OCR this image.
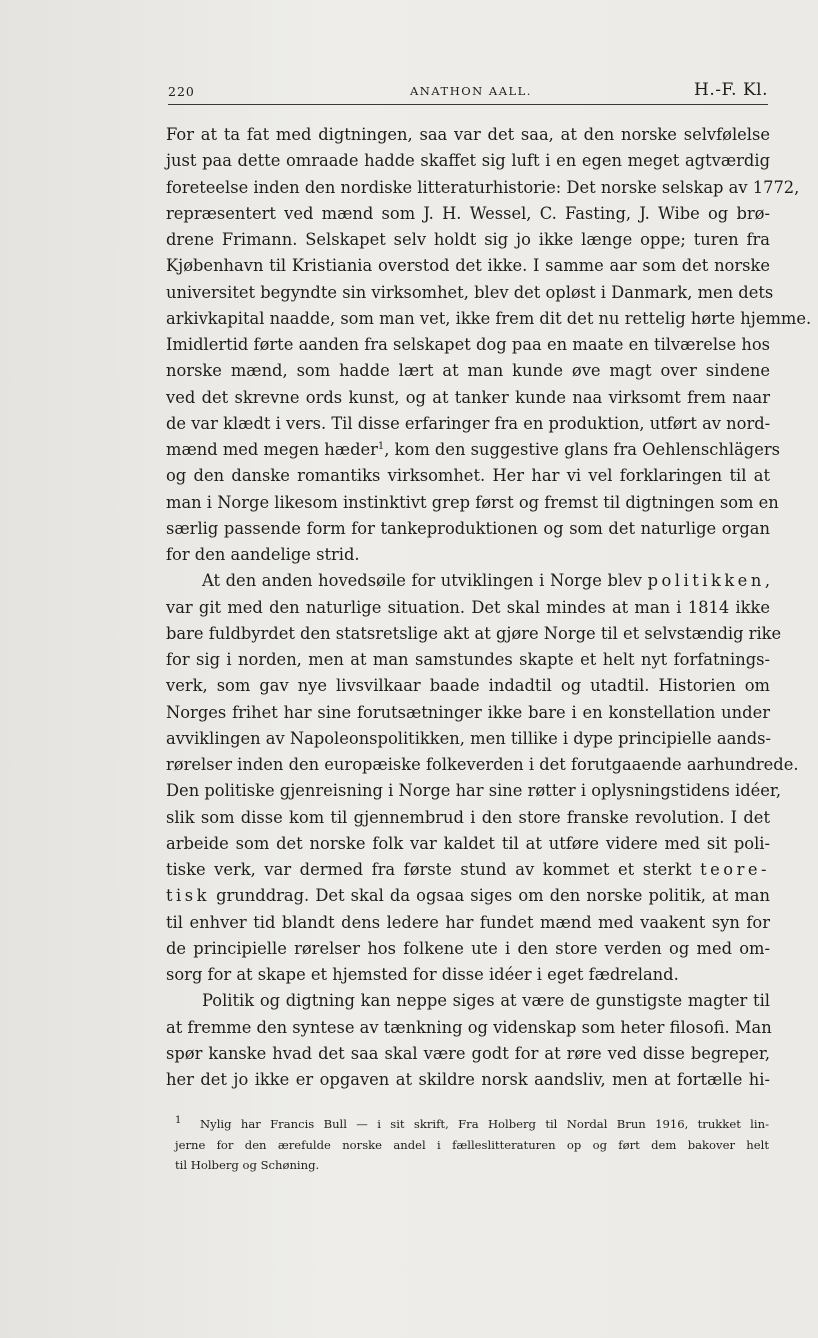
220	ANATHON AALL.	H.-F. Kl.
For at ta fat med digtningen, saa var det saa, at den norske selvfølelse
just paa dette omraade hadde skaffet sig luft i en egen meget agtværdig
foreteelse inden den nordiske litteraturhistorie: Det norske selskap av 1772,
repræsentert ved mænd som J. H. Wessel, C. Fasting, J. Wibe og brø-
drene Frimann. Selskapet selv holdt sig jo ikke længe oppe; turen fra
Kjøbenhavn til Kristiania overstod det ikke. I samme aar som det norske
universitet begyndte sin virksomhet, blev det opløst i Danmark, men dets
arkivkapital naadde, som man vet, ikke frem dit det nu rettelig hørte hjemme.
Imidlertid førte aanden fra selskapet dog paa en maate en tilværelse hos
norske mænd, som hadde lært at man kunde øve magt over sindene
ved det skrevne ords kunst, og at tanker kunde naa virksomt frem naar
de var klædt i vers. Til disse erfaringer fra en produktion, utført av nord-
mænd med megen hæder$^1$, kom den suggestive glans fra Oehlenschlägers
og den danske romantiks virksomhet. Her har vi vel forklaringen til at
man i Norge likesom instinktivt grep først og fremst til digtningen som en
særlig passende form for tankeproduktionen og som det naturlige organ
for den aandelige strid.
At den anden hovedsøile for utviklingen i Norge blev politikken,
var git med den naturlige situation. Det skal mindes at man i 1814 ikke
bare fuldbyrdet den statsretslige akt at gjøre Norge til et selvstændig rike
for sig i norden, men at man samstundes skapte et helt nyt forfatnings-
verk, som gav nye livsvilkaar baade indadtil og utadtil. Historien om
Norges frihet har sine forutsætninger ikke bare i en konstellation under
avviklingen av Napoleonspolitikken, men tillike i dype principielle aands-
rørelser inden den europæiske folkeverden i det forutgaaende aarhundrede.
Den politiske gjenreisning i Norge har sine røtter i oplysningstidens idéer,
slik som disse kom til gjennembrud i den store franske revolution. I det
arbeide som det norske folk var kaldet til at utføre videre med sit poli-
tiske verk, var dermed fra første stund av kommet et sterkt teore-
tisk grunddrag. Det skal da ogsaa siges om den norske politik, at man
til enhver tid blandt dens ledere har fundet mænd med vaakent syn for
de principielle rørelser hos folkene ute i den store verden og med om-
sorg for at skape et hjemsted for disse idéer i eget fædreland.
Politik og digtning kan neppe siges at være de gunstigste magter til
at fremme den syntese av tænkning og videnskap som heter filosofi. Man
spør kanske hvad det saa skal være godt for at røre ved disse begreper,
her det jo ikke er opgaven at skildre norsk aandsliv, men at fortælle hi-
1	Nylig har Francis Bull — i sit skrift, Fra Holberg til Nordal Brun 1916, trukket lin-
jerne for den ærefulde norske andel i fælleslitteraturen op og ført dem bakover helt
til Holberg og Schøning.
